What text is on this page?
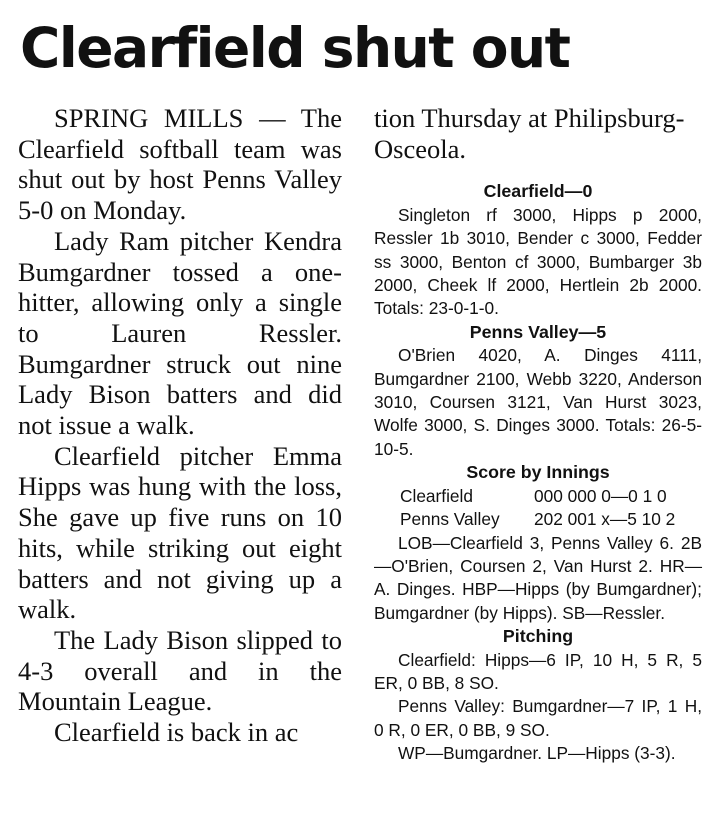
Clearfield shut out

SPRING MILLS — The Clearfield softball team was shut out by host Penns Valley 5-0 on Monday.

Lady Ram pitcher Kendra Bumgardner tossed a one-hitter, allowing only a single to Lauren Ressler. Bumgardner struck out nine Lady Bison batters and did not issue a walk.

Clearfield pitcher Emma Hipps was hung with the loss, She gave up five runs on 10 hits, while striking out eight batters and not giving up a walk.

The Lady Bison slipped to 4-3 overall and in the Mountain League.

Clearfield is back in ac

tion Thursday at Philipsburg-Osceola.
Clearfield—0

Singleton rf 3000, Hipps p 2000, Ressler 1b 3010, Bender c 3000, Fedder ss 3000, Benton cf 3000, Bumbarger 3b 2000, Cheek lf 2000, Hertlein 2b 2000. Totals: 23-0-1-0.

Penns Valley—5

O'Brien 4020, A. Dinges 4111, Bumgardner 2100, Webb 3220, Anderson 3010, Coursen 3121, Van Hurst 3023, Wolfe 3000, S. Dinges 3000. Totals: 26-5-10-5.

Score by Innings
Clearfield	000 000 0—0 1 0
Penns Valley	202 001 x—5 10 2

LOB—Clearfield 3, Penns Valley 6. 2B—O'Brien, Coursen 2, Van Hurst 2. HR—A. Dinges. HBP—Hipps (by Bumgardner); Bumgardner (by Hipps). SB—Ressler.

Pitching

Clearfield: Hipps—6 IP, 10 H, 5 R, 5 ER, 0 BB, 8 SO.

Penns Valley: Bumgardner—7 IP, 1 H, 0 R, 0 ER, 0 BB, 9 SO.

WP—Bumgardner. LP—Hipps (3-3).
